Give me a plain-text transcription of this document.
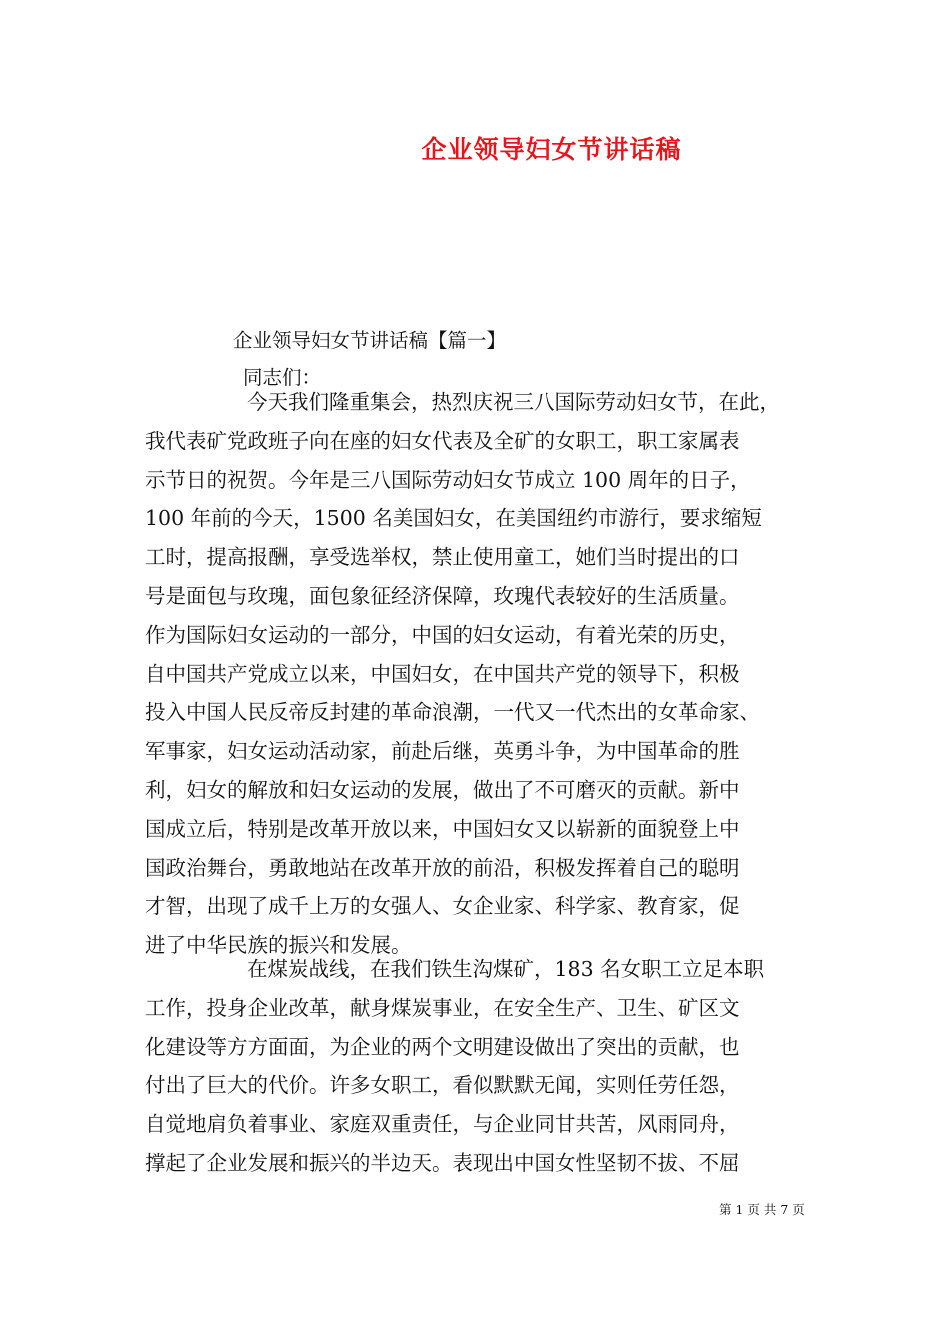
企业领导妇女节讲话稿
企业领导妇女节讲话稿【篇一】
同志们：
今天我们隆重集会，热烈庆祝三八国际劳动妇女节，在此，
我代表矿党政班子向在座的妇女代表及全矿的女职工，职工家属表
示节日的祝贺。今年是三八国际劳动妇女节成立 100 周年的日子，
100 年前的今天，1500 名美国妇女，在美国纽约市游行，要求缩短
工时，提高报酬，享受选举权，禁止使用童工，她们当时提出的口
号是面包与玫瑰，面包象征经济保障，玫瑰代表较好的生活质量。
作为国际妇女运动的一部分，中国的妇女运动，有着光荣的历史，
自中国共产党成立以来，中国妇女，在中国共产党的领导下，积极
投入中国人民反帝反封建的革命浪潮，一代又一代杰出的女革命家、
军事家，妇女运动活动家，前赴后继，英勇斗争，为中国革命的胜
利，妇女的解放和妇女运动的发展，做出了不可磨灭的贡献。新中
国成立后，特别是改革开放以来，中国妇女又以崭新的面貌登上中
国政治舞台，勇敢地站在改革开放的前沿，积极发挥着自己的聪明
才智，出现了成千上万的女强人、女企业家、科学家、教育家，促
进了中华民族的振兴和发展。
在煤炭战线，在我们铁生沟煤矿，183 名女职工立足本职
工作，投身企业改革，献身煤炭事业，在安全生产、卫生、矿区文
化建设等方方面面，为企业的两个文明建设做出了突出的贡献，也
付出了巨大的代价。许多女职工，看似默默无闻，实则任劳任怨，
自觉地肩负着事业、家庭双重责任，与企业同甘共苦，风雨同舟，
撑起了企业发展和振兴的半边天。表现出中国女性坚韧不拔、不屈
第 1 页 共 7 页
